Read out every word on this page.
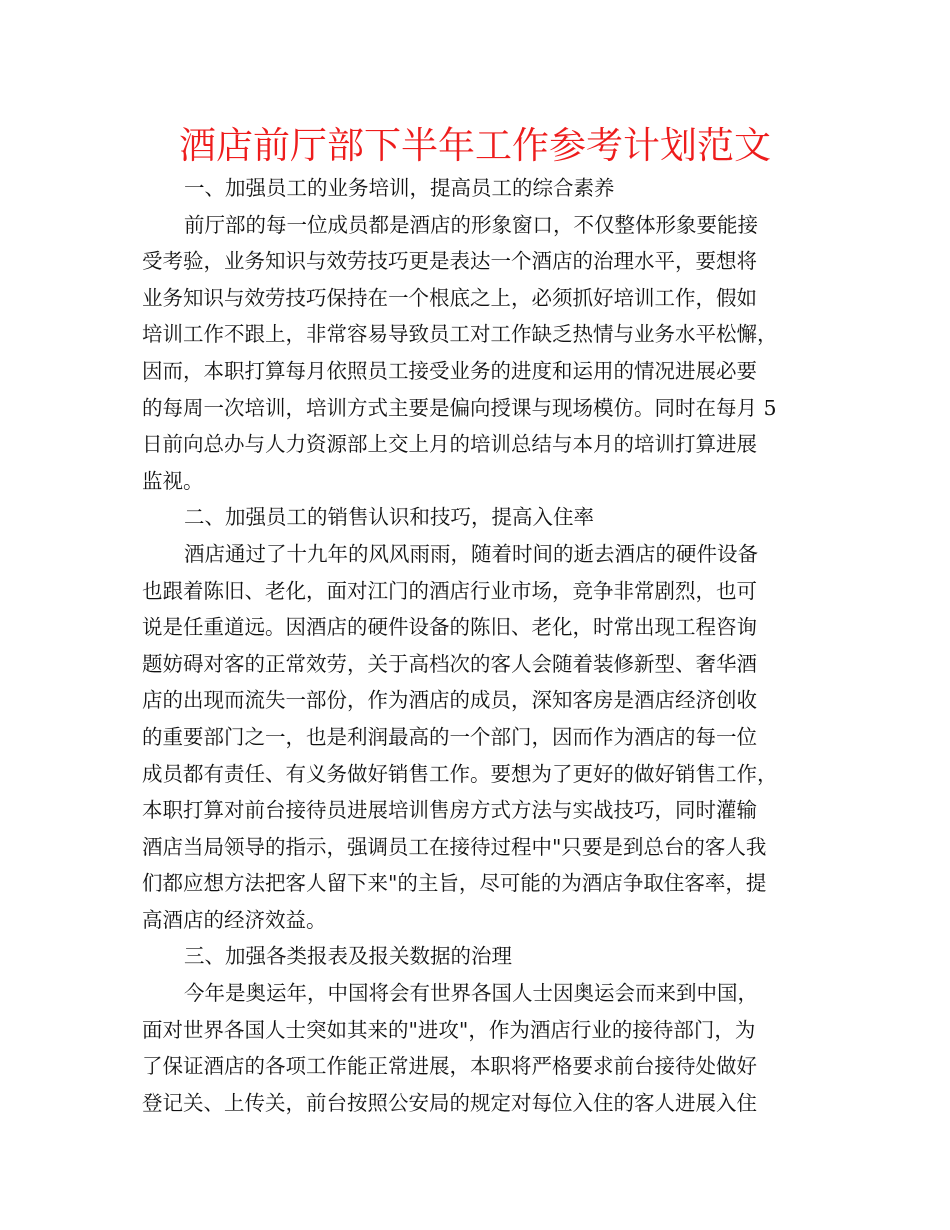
酒店前厅部下半年工作参考计划范文
一、加强员工的业务培训，提高员工的综合素养
前厅部的每一位成员都是酒店的形象窗口，不仅整体形象要能接
受考验，业务知识与效劳技巧更是表达一个酒店的治理水平，要想将
业务知识与效劳技巧保持在一个根底之上，必须抓好培训工作，假如
培训工作不跟上，非常容易导致员工对工作缺乏热情与业务水平松懈，
因而，本职打算每月依照员工接受业务的进度和运用的情况进展必要
的每周一次培训，培训方式主要是偏向授课与现场模仿。同时在每月 5
日前向总办与人力资源部上交上月的培训总结与本月的培训打算进展
监视。
二、加强员工的销售认识和技巧，提高入住率
酒店通过了十九年的风风雨雨，随着时间的逝去酒店的硬件设备
也跟着陈旧、老化，面对江门的酒店行业市场，竞争非常剧烈，也可
说是任重道远。因酒店的硬件设备的陈旧、老化，时常出现工程咨询
题妨碍对客的正常效劳，关于高档次的客人会随着装修新型、奢华酒
店的出现而流失一部份，作为酒店的成员，深知客房是酒店经济创收
的重要部门之一，也是利润最高的一个部门，因而作为酒店的每一位
成员都有责任、有义务做好销售工作。要想为了更好的做好销售工作，
本职打算对前台接待员进展培训售房方式方法与实战技巧，同时灌输
酒店当局领导的指示，强调员工在接待过程中"只要是到总台的客人我
们都应想方法把客人留下来"的主旨，尽可能的为酒店争取住客率，提
高酒店的经济效益。
三、加强各类报表及报关数据的治理
今年是奥运年，中国将会有世界各国人士因奥运会而来到中国，
面对世界各国人士突如其来的"进攻"，作为酒店行业的接待部门，为
了保证酒店的各项工作能正常进展，本职将严格要求前台接待处做好
登记关、上传关，前台按照公安局的规定对每位入住的客人进展入住
